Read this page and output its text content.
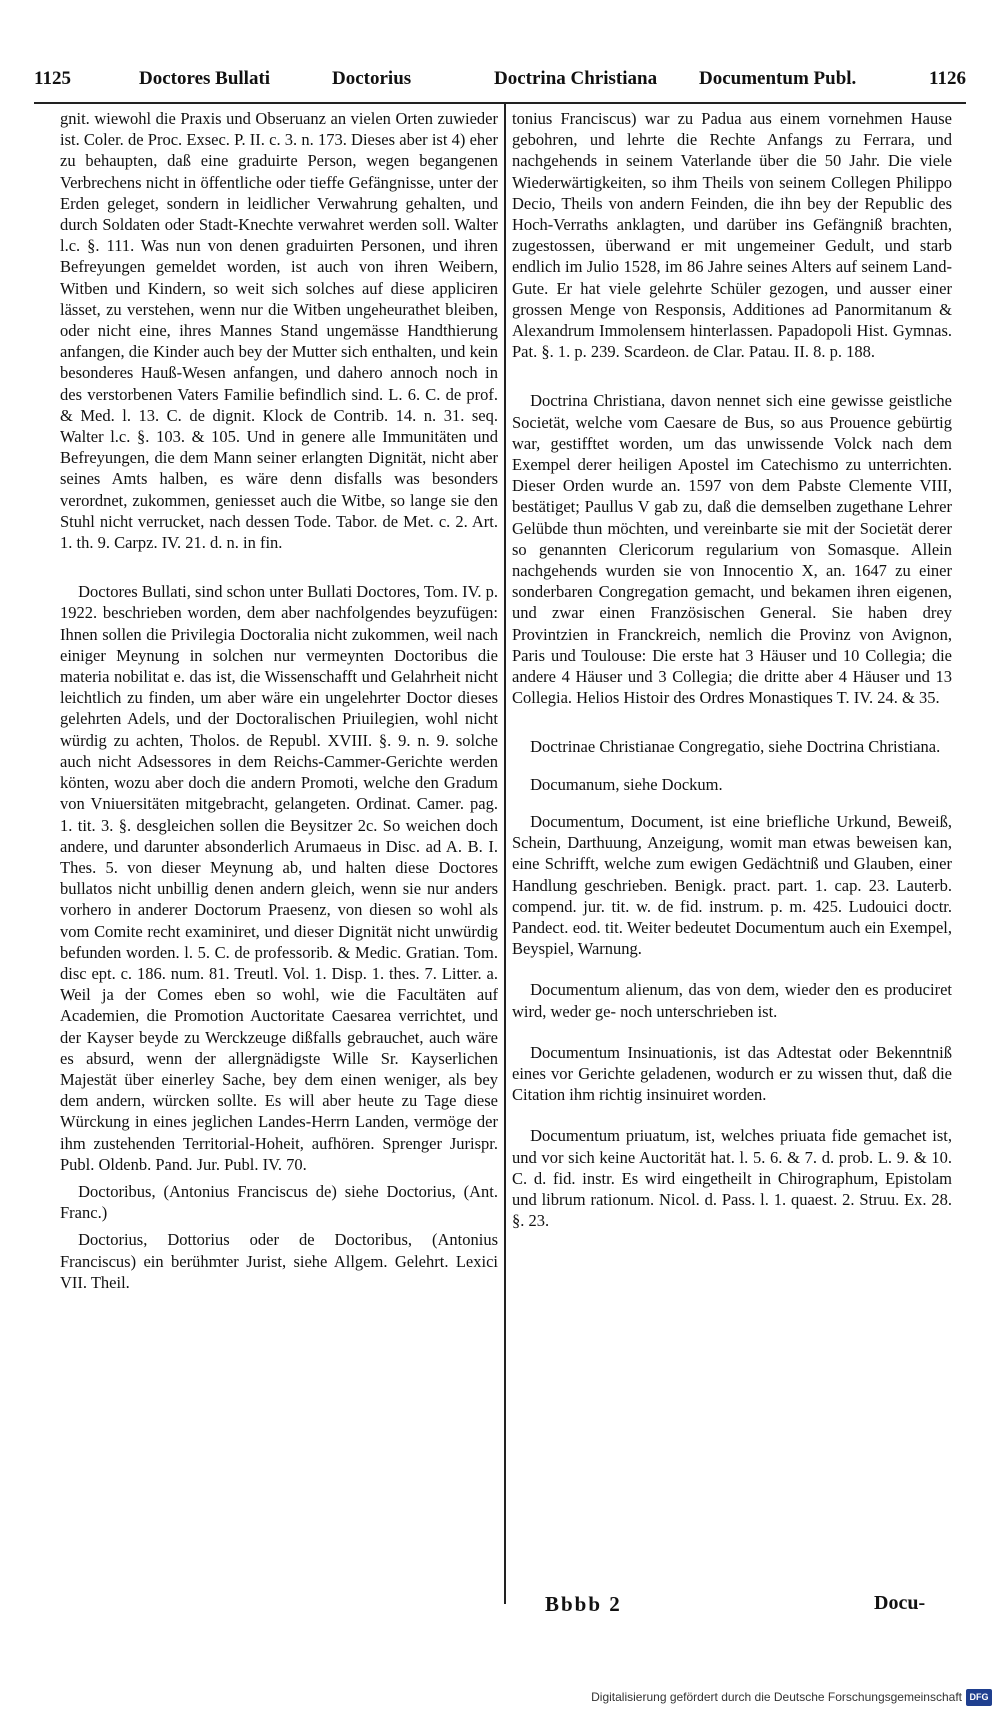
1125	Doctores Bullati	Doctorius	Doctrina Christiana Documentum Publ.	1126

gnit. wiewohl die Praxis und Obseruanz an vielen Orten zuwieder ist. Coler. de Proc. Exsec. P. II. c. 3. n. 173. Dieses aber ist 4) eher zu behaupten, daß eine graduirte Person, wegen begangenen Verbrechens nicht in öffentliche oder tieffe Gefängnisse, unter der Erden geleget, sondern in leidlicher Verwahrung gehalten, und durch Soldaten oder Stadt-Knechte verwahret werden soll. Walter l.c. §. 111. Was nun von denen graduirten Personen, und ihren Befreyungen gemeldet worden, ist auch von ihren Weibern, Witben und Kindern, so weit sich solches auf diese appliciren lässet, zu verstehen, wenn nur die Witben ungeheurathet bleiben, oder nicht eine, ihres Mannes Stand ungemässe Handthierung anfangen, die Kinder auch bey der Mutter sich enthalten, und kein besonderes Hauß-Wesen anfangen, und dahero annoch noch in des verstorbenen Vaters Familie befindlich sind. L. 6. C. de prof. & Med. l. 13. C. de dignit. Klock de Contrib. 14. n. 31. seq. Walter l.c. §. 103. & 105. Und in genere alle Immunitäten und Befreyungen, die dem Mann seiner erlangten Dignität, nicht aber seines Amts halben, es wäre denn disfalls was besonders verordnet, zukommen, geniesset auch die Witbe, so lange sie den Stuhl nicht verrucket, nach dessen Tode. Tabor. de Met. c. 2. Art. 1. th. 9. Carpz. IV. 21. d. n. in fin.

Doctores Bullati, sind schon unter Bullati Doctores, Tom. IV. p. 1922. beschrieben worden, dem aber nachfolgendes beyzufügen: Ihnen sollen die Privilegia Doctoralia nicht zukommen, weil nach einiger Meynung in solchen nur vermeynten Doctoribus die materia nobilitat e. das ist, die Wissenschafft und Gelahrheit nicht leichtlich zu finden, um aber wäre ein ungelehrter Doctor dieses gelehrten Adels, und der Doctoralischen Priuilegien, wohl nicht würdig zu achten, Tholos. de Republ. XVIII. §. 9. n. 9. solche auch nicht Adsessores in dem Reichs-Cammer-Gerichte werden könten, wozu aber doch die andern Promoti, welche den Gradum von Vniuersitäten mitgebracht, gelangeten. Ordinat. Camer. pag. 1. tit. 3. §. desgleichen sollen die Beysitzer 2c. So weichen doch andere, und darunter absonderlich Arumaeus in Disc. ad A. B. I. Thes. 5. von dieser Meynung ab, und halten diese Doctores bullatos nicht unbillig denen andern gleich, wenn sie nur anders vorhero in anderer Doctorum Praesenz, von diesen so wohl als vom Comite recht examiniret, und dieser Dignität nicht unwürdig befunden worden. l. 5. C. de professorib. & Medic. Gratian. Tom. disc ept. c. 186. num. 81. Treutl. Vol. 1. Disp. 1. thes. 7. Litter. a. Weil ja der Comes eben so wohl, wie die Facultäten auf Academien, die Promotion Auctoritate Caesarea verrichtet, und der Kayser beyde zu Werckzeuge dißfalls gebrauchet, auch wäre es absurd, wenn der allergnädigste Wille Sr. Kayserlichen Majestät über einerley Sache, bey dem einen weniger, als bey dem andern, würcken sollte. Es will aber heute zu Tage diese Würckung in eines jeglichen Landes-Herrn Landen, vermöge der ihm zustehenden Territorial-Hoheit, aufhören. Sprenger Jurispr. Publ. Oldenb. Pand. Jur. Publ. IV. 70.

Doctoribus, (Antonius Franciscus de) siehe Doctorius, (Ant. Franc.)

Doctorius, Dottorius oder de Doctoribus, (Antonius Franciscus) ein berühmter Jurist, siehe Allgem. Gelehrt. Lexici VII. Theil.

tonius Franciscus) war zu Padua aus einem vornehmen Hause gebohren, und lehrte die Rechte Anfangs zu Ferrara, und nachgehends in seinem Vaterlande über die 50 Jahr. Die viele Wiederwärtigkeiten, so ihm Theils von seinem Collegen Philippo Decio, Theils von andern Feinden, die ihn bey der Republic des Hoch-Verraths anklagten, und darüber ins Gefängniß brachten, zugestossen, überwand er mit ungemeiner Gedult, und starb endlich im Julio 1528, im 86 Jahre seines Alters auf seinem Land-Gute. Er hat viele gelehrte Schüler gezogen, und ausser einer grossen Menge von Responsis, Additiones ad Panormitanum & Alexandrum Immolensem hinterlassen. Papadopoli Hist. Gymnas. Pat. §. 1. p. 239. Scardeon. de Clar. Patau. II. 8. p. 188.

Doctrina Christiana, davon nennet sich eine gewisse geistliche Societät, welche vom Caesare de Bus, so aus Prouence gebürtig war, gestifftet worden, um das unwissende Volck nach dem Exempel derer heiligen Apostel im Catechismo zu unterrichten. Dieser Orden wurde an. 1597 von dem Pabste Clemente VIII, bestätiget; Paullus V gab zu, daß die demselben zugethane Lehrer Gelübde thun möchten, und vereinbarte sie mit der Societät derer so genannten Clericorum regularium von Somasque. Allein nachgehends wurden sie von Innocentio X, an. 1647 zu einer sonderbaren Congregation gemacht, und bekamen ihren eigenen, und zwar einen Französischen General. Sie haben drey Provintzien in Franckreich, nemlich die Provinz von Avignon, Paris und Toulouse: Die erste hat 3 Häuser und 10 Collegia; die andere 4 Häuser und 3 Collegia; die dritte aber 4 Häuser und 13 Collegia. Helios Histoir des Ordres Monastiques T. IV. 24. & 35.

Doctrinae Christianae Congregatio, siehe Doctrina Christiana.

Documanum, siehe Dockum.

Documentum, Document, ist eine briefliche Urkund, Beweiß, Schein, Darthuung, Anzeigung, womit man etwas beweisen kan, eine Schrifft, welche zum ewigen Gedächtniß und Glauben, einer Handlung geschrieben. Benigk. pract. part. 1. cap. 23. Lauterb. compend. jur. tit. w. de fid. instrum. p. m. 425. Ludouici doctr. Pandect. eod. tit. Weiter bedeutet Documentum auch ein Exempel, Beyspiel, Warnung.

Documentum alienum, das von dem, wieder den es produciret wird, weder ge- noch unterschrieben ist.

Documentum Insinuationis, ist das Adtestat oder Bekenntniß eines vor Gerichte geladenen, wodurch er zu wissen thut, daß die Citation ihm richtig insinuiret worden.

Documentum priuatum, ist, welches priuata fide gemachet ist, und vor sich keine Auctorität hat. l. 5. 6. & 7. d. prob. L. 9. & 10. C. d. fid. instr. Es wird eingetheilt in Chirographum, Epistolam und librum rationum. Nicol. d. Pass. l. 1. quaest. 2. Struu. Ex. 28. §. 23.

Bbbb 2	Docu-
Digitalisierung gefördert durch die Deutsche Forschungsgemeinschaft DFG
